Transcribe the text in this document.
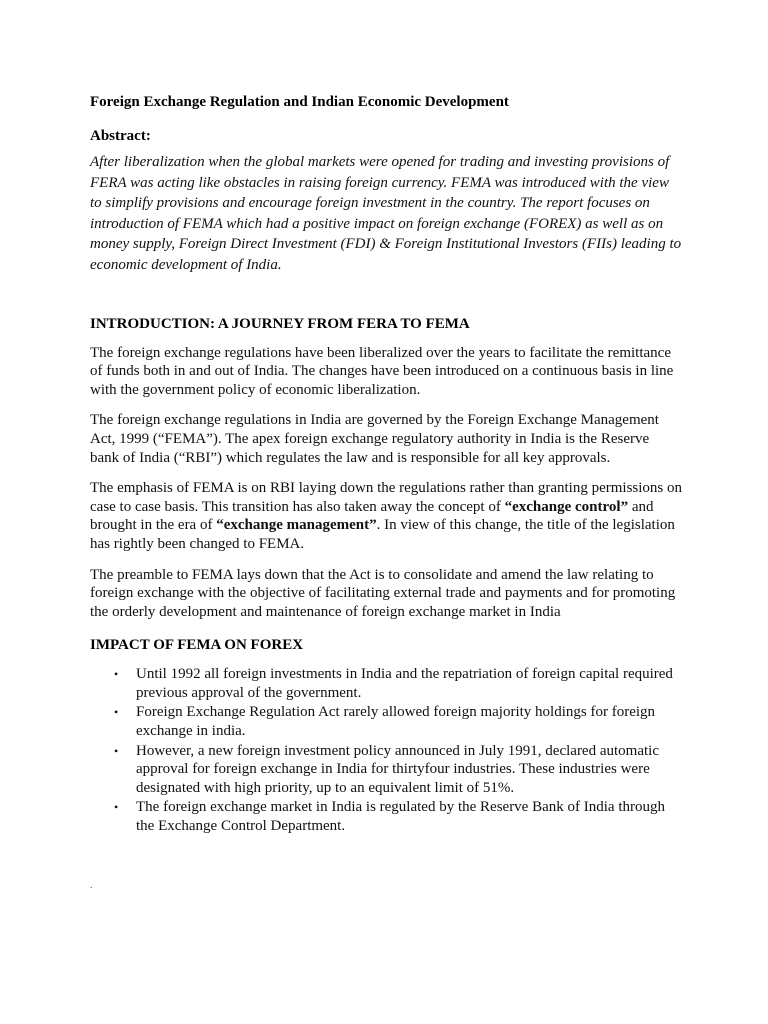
Foreign Exchange Regulation and Indian Economic Development
Abstract:
After liberalization when the global markets were opened for trading and investing provisions of FERA was acting like obstacles in raising foreign currency. FEMA was introduced with the view to simplify provisions and encourage foreign investment in the country. The report focuses on introduction of FEMA which had a positive impact on foreign exchange (FOREX) as well as on money supply, Foreign Direct Investment (FDI) & Foreign Institutional Investors (FIIs) leading to economic development of India.
INTRODUCTION: A JOURNEY FROM FERA TO FEMA
The foreign exchange regulations have been liberalized over the years to facilitate the remittance of funds both in and out of India. The changes have been introduced on a continuous basis in line with the government policy of economic liberalization.
The foreign exchange regulations in India are governed by the Foreign Exchange Management Act, 1999 (“FEMA”). The apex foreign exchange regulatory authority in India is the Reserve bank of India (“RBI”) which regulates the law and is responsible for all key approvals.
The emphasis of FEMA is on RBI laying down the regulations rather than granting permissions on case to case basis. This transition has also taken away the concept of “exchange control” and brought in the era of “exchange management”. In view of this change, the title of the legislation has rightly been changed to FEMA.
The preamble to FEMA lays down that the Act is to consolidate and amend the law relating to foreign exchange with the objective of facilitating external trade and payments and for promoting the orderly development and maintenance of foreign exchange market in India
IMPACT OF FEMA ON FOREX
• Until 1992 all foreign investments in India and the repatriation of foreign capital required previous approval of the government.
• Foreign Exchange Regulation Act rarely allowed foreign majority holdings for foreign exchange in india.
• However, a new foreign investment policy announced in July 1991, declared automatic approval for foreign exchange in India for thirtyfour industries. These industries were designated with high priority, up to an equivalent limit of 51%.
• The foreign exchange market in India is regulated by the Reserve Bank of India through the Exchange Control Department.
.
